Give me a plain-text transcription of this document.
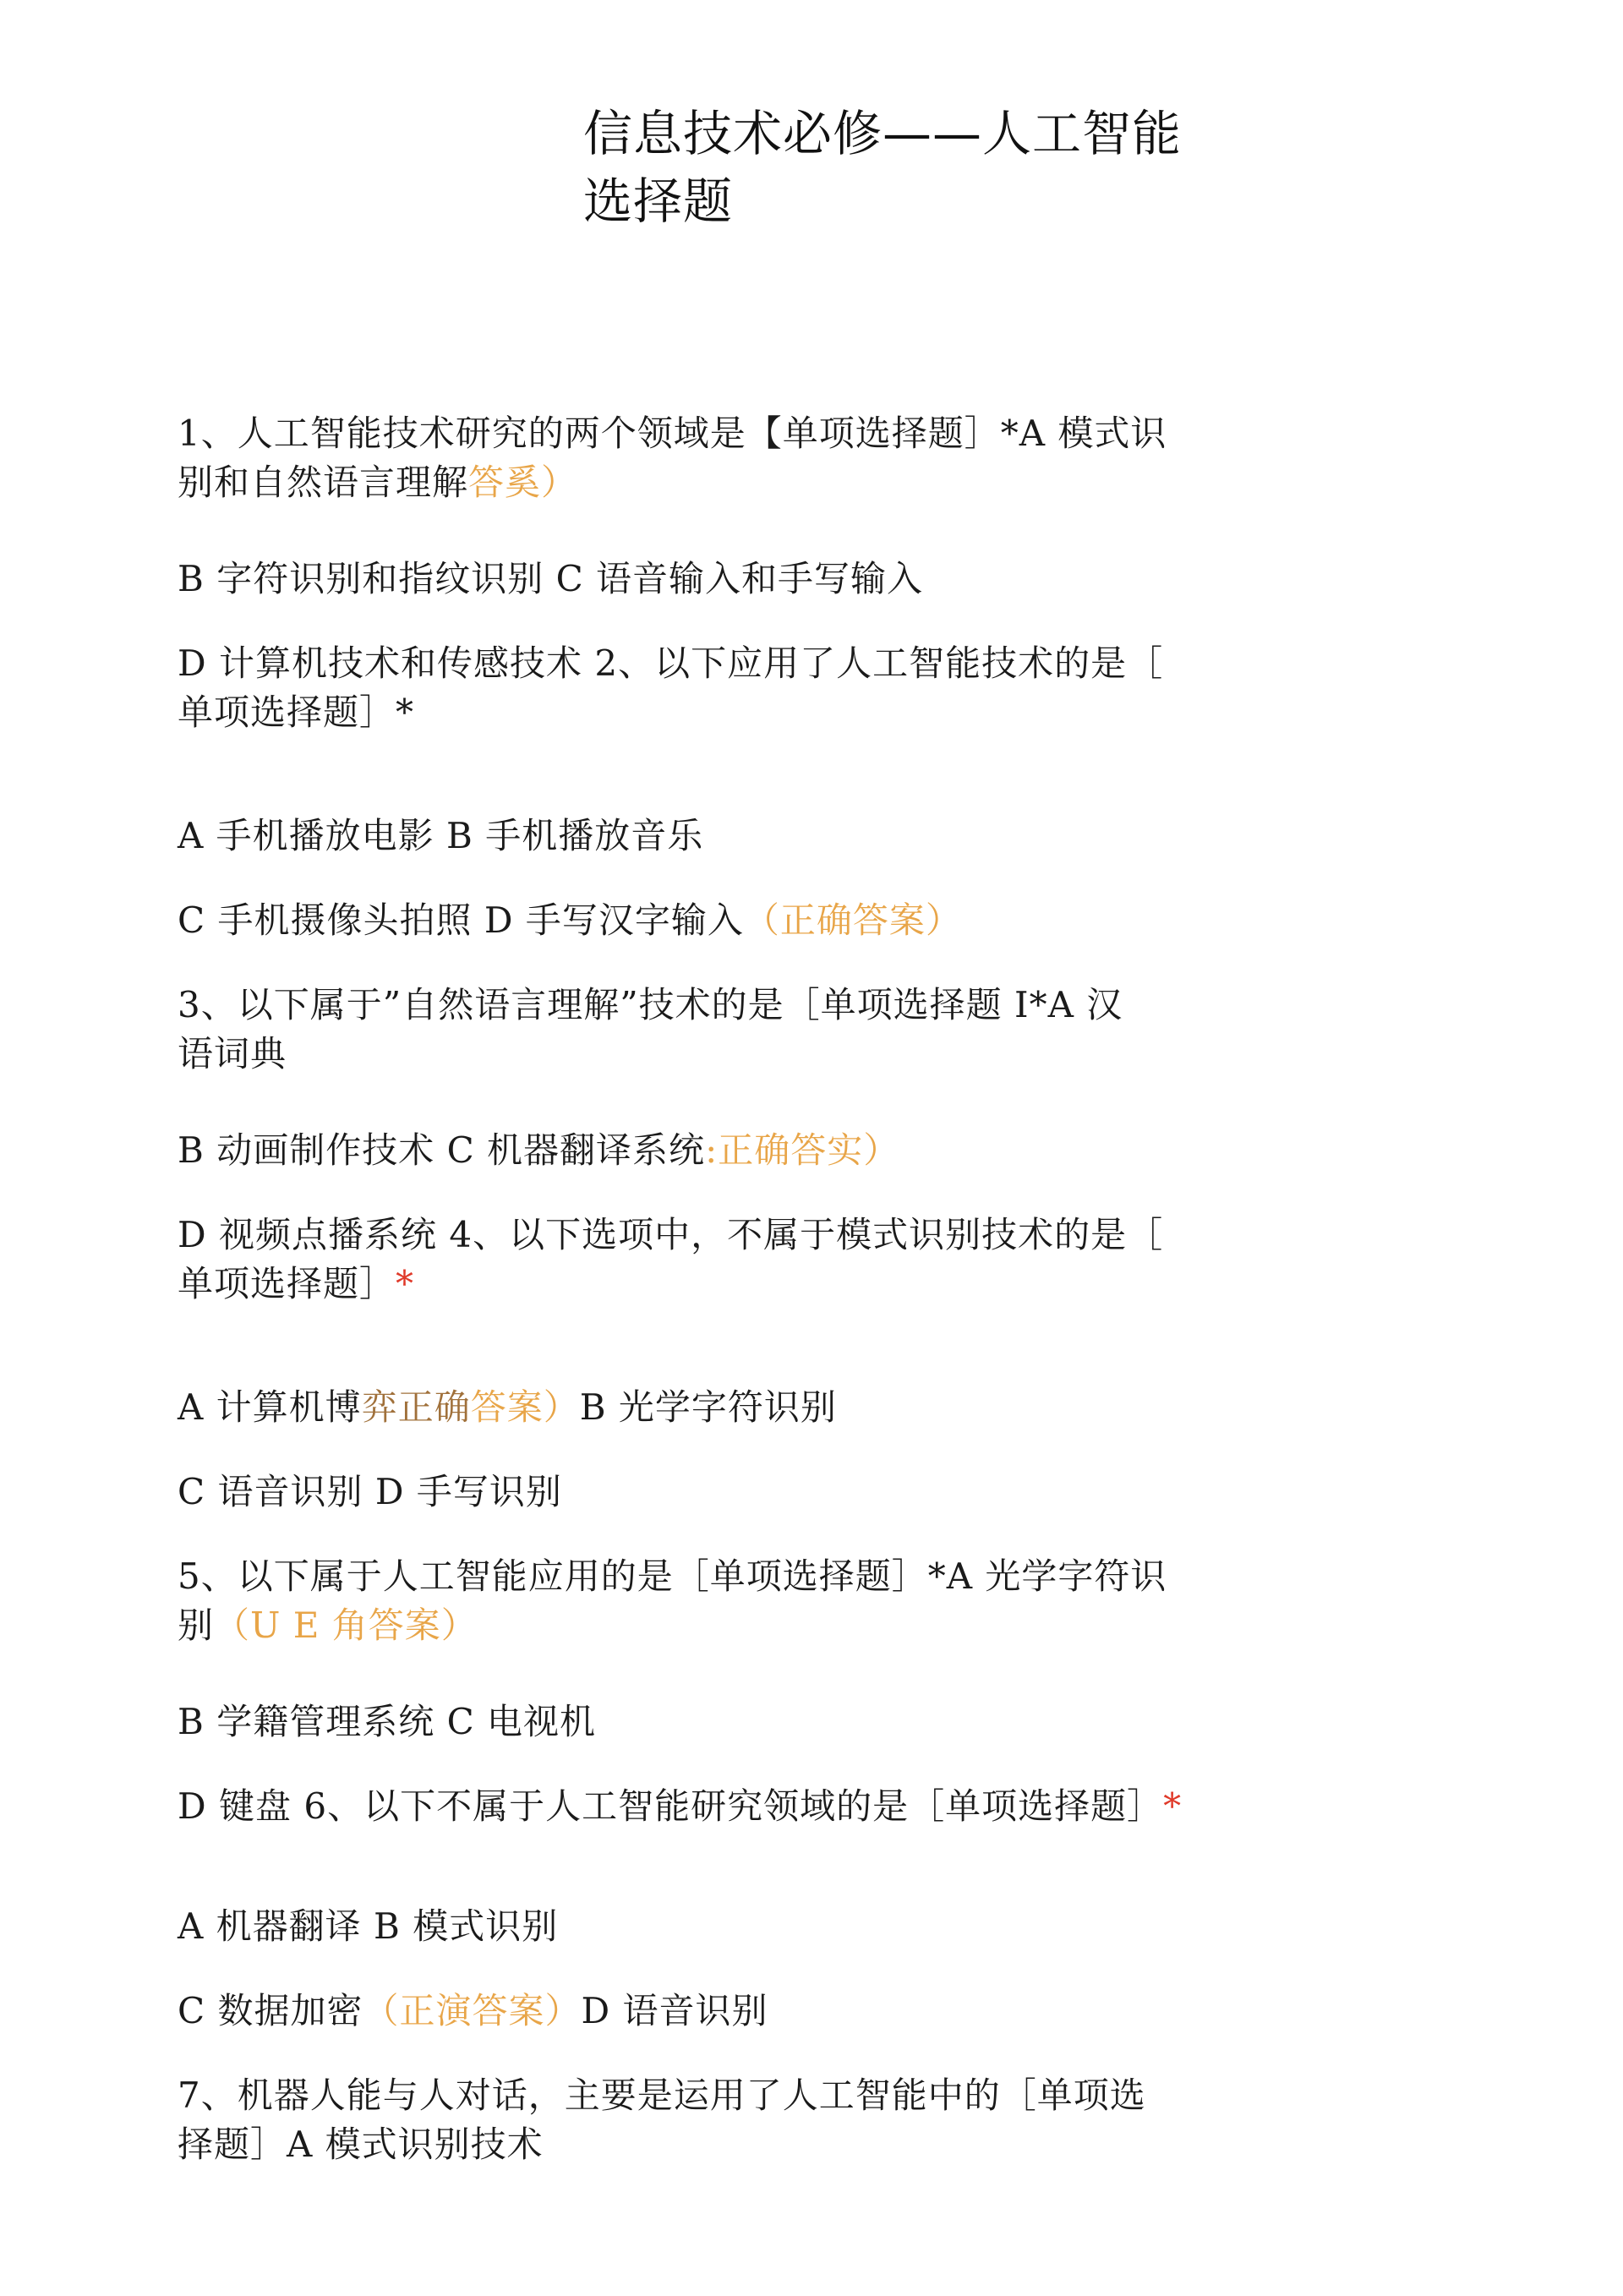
信息技术必修——人工智能
选择题
1、人工智能技术研究的两个领域是【单项选择题］*A 模式识
别和自然语言理解答奚）
B 字符识别和指纹识别 C 语音输入和手写输入
D 计算机技术和传感技术 2、以下应用了人工智能技术的是［
单项选择题］*
A 手机播放电影 B 手机播放音乐
C 手机摄像头拍照 D 手写汉字输入（正确答案）
3、以下属于”自然语言理解”技术的是［单项选择题 I*A 汉
语词典
B 动画制作技术 C 机器翻译系统:正确答实）
D 视频点播系统 4、以下选项中，不属于模式识别技术的是［
单项选择题］*
A 计算机博弈正确答案）B 光学字符识别
C 语音识别 D 手写识别
5、以下属于人工智能应用的是［单项选择题］*A 光学字符识
别（U E 角答案）
B 学籍管理系统 C 电视机
D 键盘 6、以下不属于人工智能研究领域的是［单项选择题］*
A 机器翻译 B 模式识别
C 数据加密（正演答案）D 语音识别
7、机器人能与人对话，主要是运用了人工智能中的［单项选
择题］A 模式识别技术
